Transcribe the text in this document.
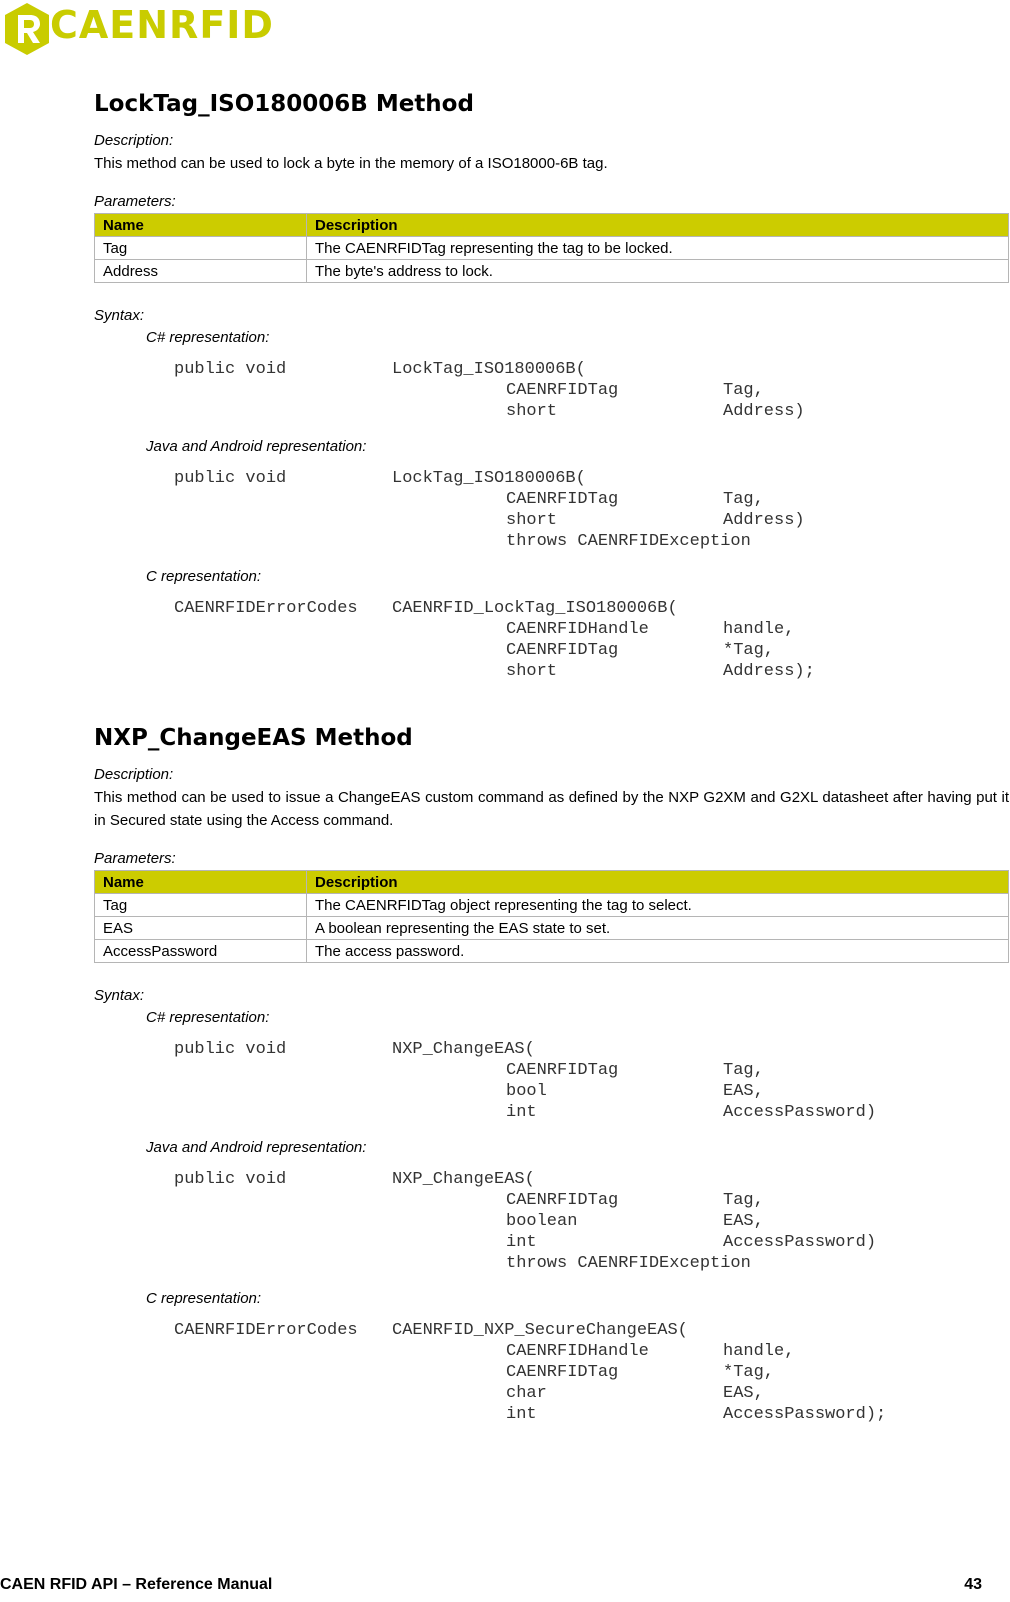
CAENRFID
LockTag_ISO180006B Method

Description:

This method can be used to lock a byte in the memory of a ISO18000-6B tag.

Parameters:

Name	Description
Tag	The CAENRFIDTag representing the tag to be locked.
Address	The byte's address to lock.

Syntax:

C# representation:

public void	LockTag_ISO180006B(
CAENRFIDTag	Tag,
short	Address)

Java and Android representation:

public void	LockTag_ISO180006B(
CAENRFIDTag	Tag,
short	Address)
throws CAENRFIDException

C representation:

CAENRFIDErrorCodes CAENRFID_LockTag_ISO180006B(
CAENRFIDHandle	handle,
CAENRFIDTag	*Tag,
short	Address);
NXP_ChangeEAS Method

Description:

This method can be used to issue a ChangeEAS custom command as defined by the NXP G2XM and G2XL datasheet after having put it in Secured state using the Access command.

Parameters:

Name	Description
Tag	The CAENRFIDTag object representing the tag to select.
EAS	A boolean representing the EAS state to set.
AccessPassword	The access password.

Syntax:

C# representation:

public void	NXP_ChangeEAS(
CAENRFIDTag	Tag,
bool	EAS,
int	AccessPassword)

Java and Android representation:

public void	NXP_ChangeEAS(
CAENRFIDTag	Tag,
boolean	EAS,
int	AccessPassword)
throws CAENRFIDException

C representation:

CAENRFIDErrorCodes CAENRFID_NXP_SecureChangeEAS(
CAENRFIDHandle	handle,
CAENRFIDTag	*Tag,
char	EAS,
int	AccessPassword);
CAEN RFID API – Reference Manual	43
